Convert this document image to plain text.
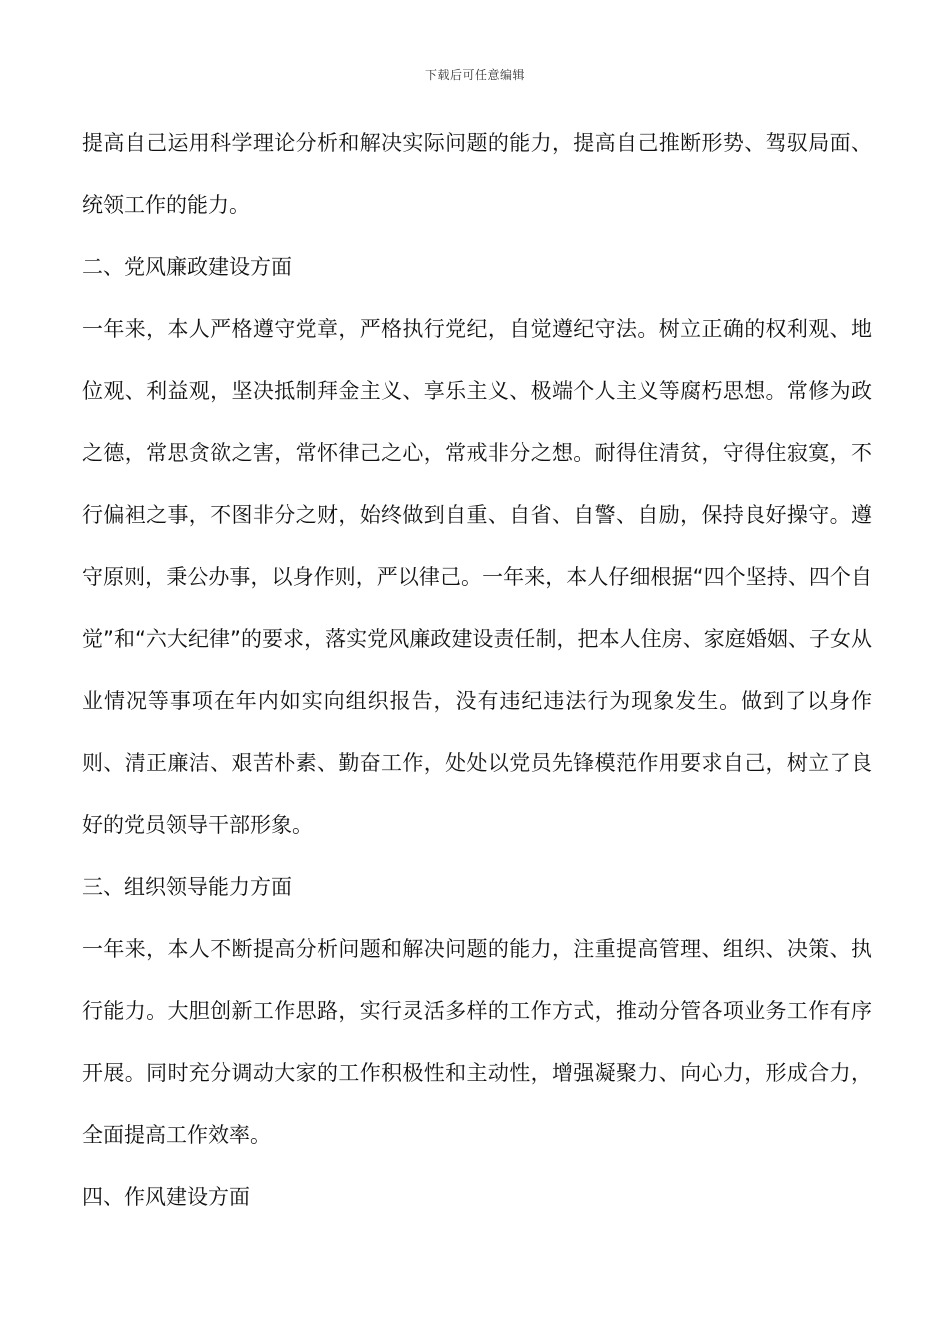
下载后可任意编辑

提高自己运用科学理论分析和解决实际问题的能力，提高自己推断形势、驾驭局面、统领工作的能力。

二、党风廉政建设方面

一年来，本人严格遵守党章，严格执行党纪，自觉遵纪守法。树立正确的权利观、地位观、利益观，坚决抵制拜金主义、享乐主义、极端个人主义等腐朽思想。常修为政之德，常思贪欲之害，常怀律己之心，常戒非分之想。耐得住清贫，守得住寂寞，不行偏袒之事，不图非分之财，始终做到自重、自省、自警、自励，保持良好操守。遵守原则，秉公办事，以身作则，严以律己。一年来，本人仔细根据“四个坚持、四个自觉”和“六大纪律”的要求，落实党风廉政建设责任制，把本人住房、家庭婚姻、子女从业情况等事项在年内如实向组织报告，没有违纪违法行为现象发生。做到了以身作则、清正廉洁、艰苦朴素、勤奋工作，处处以党员先锋模范作用要求自己，树立了良好的党员领导干部形象。

三、组织领导能力方面

一年来，本人不断提高分析问题和解决问题的能力，注重提高管理、组织、决策、执行能力。大胆创新工作思路，实行灵活多样的工作方式，推动分管各项业务工作有序开展。同时充分调动大家的工作积极性和主动性，增强凝聚力、向心力，形成合力，全面提高工作效率。

四、作风建设方面
